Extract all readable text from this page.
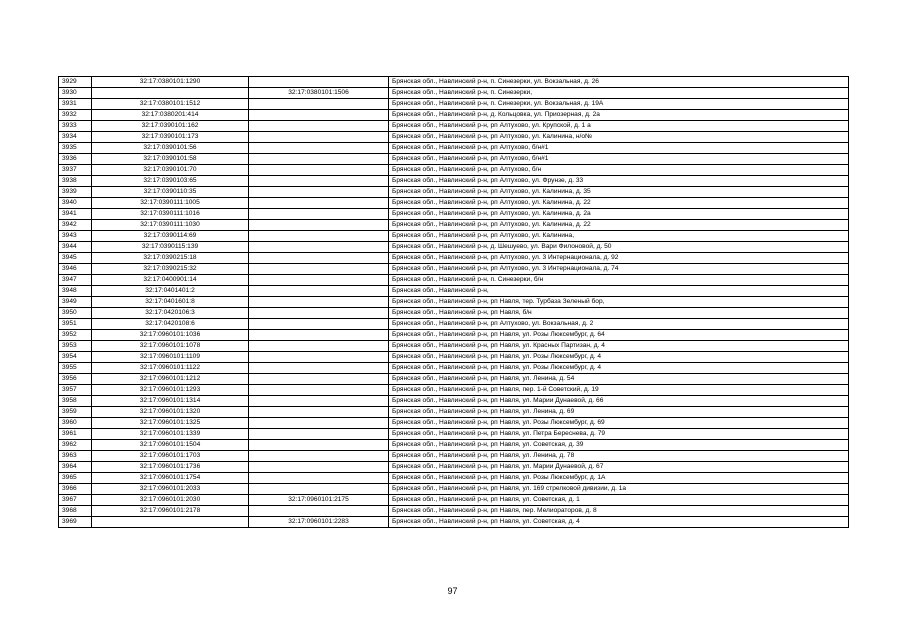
3929	32:17:0380101:1290		Брянская обл., Навлинский р-н, п. Синезерки, ул. Вокзальная, д. 26
3930		32:17:0380101:1506	Брянская обл., Навлинский р-н, п. Синезерки,
3931	32:17:0380101:1512		Брянская обл., Навлинский р-н, п. Синезерки, ул. Вокзальная, д. 19А
3932	32:17:0380201:414		Брянская обл., Навлинский р-н, д. Кольцовка, ул. Приозерная, д. 2а
3933	32:17:0390101:162		Брянская обл., Навлинский р-н, рп Алтухово, ул. Крупской, д. 1 а
3934	32:17:0390101:173		Брянская обл., Навлинский р-н, рп Алтухово, ул. Калинина, н/о№
3935	32:17:0390101:56		Брянская обл., Навлинский р-н, рп Алтухово, б/н#1
3936	32:17:0390101:58		Брянская обл., Навлинский р-н, рп Алтухово, б/н#1
3937	32:17:0390101:70		Брянская обл., Навлинский р-н, рп Алтухово, б/н
3938	32:17:0390103:65		Брянская обл., Навлинский р-н, рп Алтухово, ул. Фрунзе, д. 33
3939	32:17:0390110:35		Брянская обл., Навлинский р-н, рп Алтухово, ул. Калинина, д. 35
3940	32:17:0390111:1005		Брянская обл., Навлинский р-н, рп Алтухово, ул. Калинина, д. 22
3941	32:17:0390111:1016		Брянская обл., Навлинский р-н, рп Алтухово, ул. Калинина, д. 2а
3942	32:17:0390111:1030		Брянская обл., Навлинский р-н, рп Алтухово, ул. Калинина, д. 22
3943	32:17:0390114:69		Брянская обл., Навлинский р-н, рп Алтухово, ул. Калинина,
3944	32:17:0390115:139		Брянская обл., Навлинский р-н, д. Шешуево, ул. Вари Филоновой, д. 50
3945	32:17:0390215:18		Брянская обл., Навлинский р-н, рп Алтухово, ул. 3 Интернационала, д. 92
3946	32:17:0390215:32		Брянская обл., Навлинский р-н, рп Алтухово, ул. 3 Интернационала, д. 74
3947	32:17:0400901:14		Брянская обл., Навлинский р-н, п. Синезерки, б/н
3948	32:17:0401401:2		Брянская обл., Навлинский р-н,
3949	32:17:0401601:8		Брянская обл., Навлинский р-н, рп Навля, тер. Турбаза Зеленый бор,
3950	32:17:0420106:3		Брянская обл., Навлинский р-н, рп Навля, б/н
3951	32:17:0420108:6		Брянская обл., Навлинский р-н, рп Алтухово, ул. Вокзальная, д. 2
3952	32:17:0960101:1036		Брянская обл., Навлинский р-н, рп Навля, ул. Розы Люксембург, д. 64
3953	32:17:0960101:1078		Брянская обл., Навлинский р-н, рп Навля, ул. Красных Партизан, д. 4
3954	32:17:0960101:1109		Брянская обл., Навлинский р-н, рп Навля, ул. Розы Люксембург, д. 4
3955	32:17:0960101:1122		Брянская обл., Навлинский р-н, рп Навля, ул. Розы Люксембург, д. 4
3956	32:17:0960101:1212		Брянская обл., Навлинский р-н, рп Навля, ул. Ленина, д. 54
3957	32:17:0960101:1293		Брянская обл., Навлинский р-н, рп Навля, пер. 1-й Советский, д. 19
3958	32:17:0960101:1314		Брянская обл., Навлинский р-н, рп Навля, ул. Марии Дунаевой, д. 66
3959	32:17:0960101:1320		Брянская обл., Навлинский р-н, рп Навля, ул. Ленина, д. 69
3960	32:17:0960101:1325		Брянская обл., Навлинский р-н, рп Навля, ул. Розы Люксембург, д. 69
3961	32:17:0960101:1339		Брянская обл., Навлинский р-н, рп Навля, ул. Петра Береснева, д. 79
3962	32:17:0960101:1504		Брянская обл., Навлинский р-н, рп Навля, ул. Советская, д. 39
3963	32:17:0960101:1703		Брянская обл., Навлинский р-н, рп Навля, ул. Ленина, д. 78
3964	32:17:0960101:1736		Брянская обл., Навлинский р-н, рп Навля, ул. Марии Дунаевой, д. 67
3965	32:17:0960101:1754		Брянская обл., Навлинский р-н, рп Навля, ул. Розы Люксембург, д. 1А
3966	32:17:0960101:2033		Брянская обл., Навлинский р-н, рп Навля, ул. 169 стрелковой дивизии, д. 1а
3967	32:17:0960101:2030	32:17:0960101:2175	Брянская обл., Навлинский р-н, рп Навля, ул. Советская, д. 1
3968	32:17:0960101:2178		Брянская обл., Навлинский р-н, рп Навля, пер. Мелиораторов, д. 8
3969		32:17:0960101:2283	Брянская обл., Навлинский р-н, рп Навля, ул. Советская, д. 4
97
